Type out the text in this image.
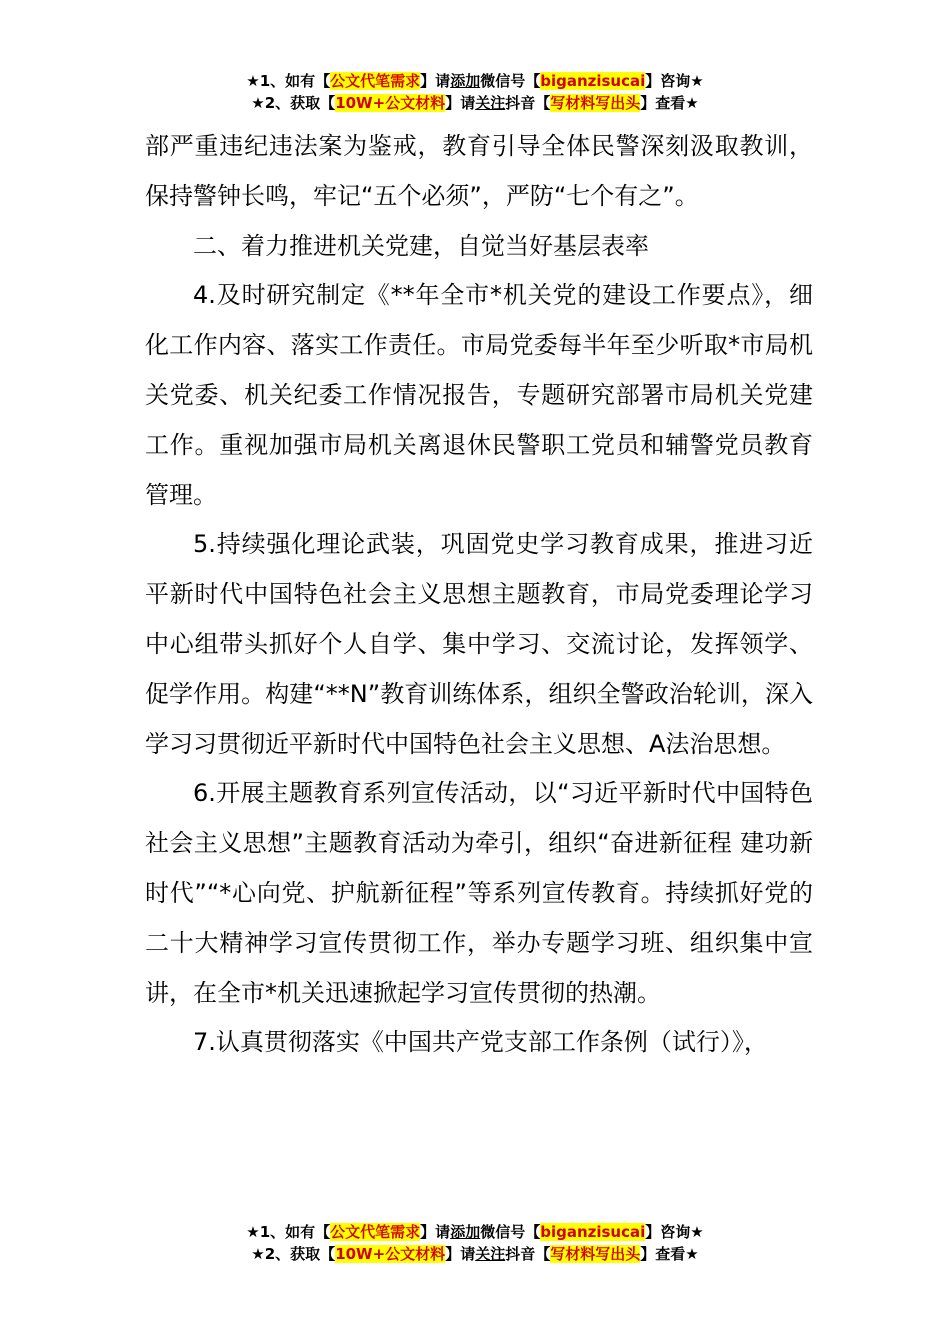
★1、如有【公文代笔需求】请添加微信号【biganzisucai】咨询★
★2、获取【10W+公文材料】请关注抖音【写材料写出头】查看★

部严重违纪违法案为鉴戒，教育引导全体民警深刻汲取教训，保持警钟长鸣，牢记“五个必须”，严防“七个有之”。

二、着力推进机关党建，自觉当好基层表率

4.及时研究制定《**年全市*机关党的建设工作要点》，细化工作内容、落实工作责任。市局党委每半年至少听取*市局机关党委、机关纪委工作情况报告，专题研究部署市局机关党建工作。重视加强市局机关离退休民警职工党员和辅警党员教育管理。

5.持续强化理论武装，巩固党史学习教育成果，推进习近平新时代中国特色社会主义思想主题教育，市局党委理论学习中心组带头抓好个人自学、集中学习、交流讨论，发挥领学、促学作用。构建“**N”教育训练体系，组织全警政治轮训，深入学习习贯彻近平新时代中国特色社会主义思想、A法治思想。

6.开展主题教育系列宣传活动，以“习近平新时代中国特色社会主义思想”主题教育活动为牵引，组织“奋进新征程 建功新时代”“*心向党、护航新征程”等系列宣传教育。持续抓好党的二十大精神学习宣传贯彻工作，举办专题学习班、组织集中宣讲，在全市*机关迅速掀起学习宣传贯彻的热潮。

7.认真贯彻落实《中国共产党支部工作条例（试行）》，

★1、如有【公文代笔需求】请添加微信号【biganzisucai】咨询★
★2、获取【10W+公文材料】请关注抖音【写材料写出头】查看★
